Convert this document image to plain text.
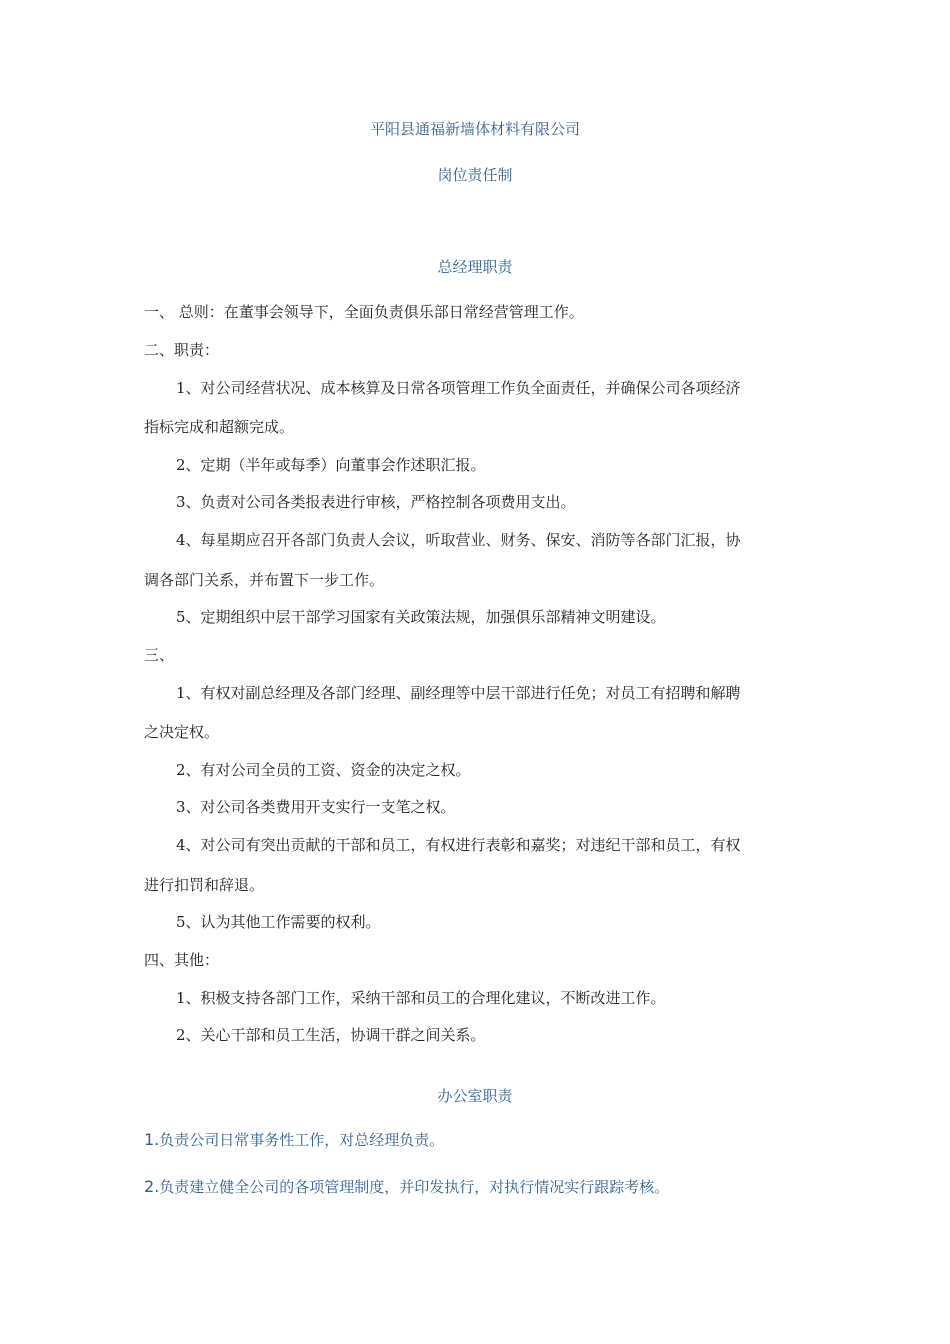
平阳县通福新墙体材料有限公司
岗位责任制
总经理职责
一、 总则：在董事会领导下，全面负责俱乐部日常经营管理工作。
二、职责：
1、对公司经营状况、成本核算及日常各项管理工作负全面责任，并确保公司各项经济
指标完成和超额完成。
2、定期（半年或每季）向董事会作述职汇报。
3、负责对公司各类报表进行审核，严格控制各项费用支出。
4、每星期应召开各部门负责人会议，听取营业、财务、保安、消防等各部门汇报，协
调各部门关系，并布置下一步工作。
5、定期组织中层干部学习国家有关政策法规，加强俱乐部精神文明建设。
三、
1、有权对副总经理及各部门经理、副经理等中层干部进行任免；对员工有招聘和解聘
之决定权。
2、有对公司全员的工资、资金的决定之权。
3、对公司各类费用开支实行一支笔之权。
4、对公司有突出贡献的干部和员工，有权进行表彰和嘉奖；对违纪干部和员工，有权
进行扣罚和辞退。
5、认为其他工作需要的权利。
四、其他：
1、积极支持各部门工作，采纳干部和员工的合理化建议，不断改进工作。
2、关心干部和员工生活，协调干群之间关系。
办公室职责
1.负责公司日常事务性工作，对总经理负责。
2.负责建立健全公司的各项管理制度，并印发执行，对执行情况实行跟踪考核。
